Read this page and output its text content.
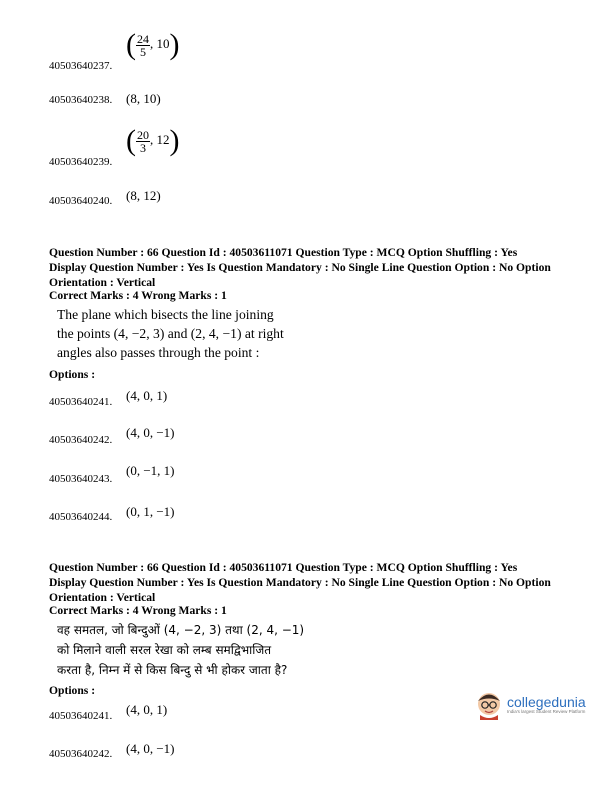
40503640237.
( $\frac{24}{5}$ , 10)
40503640238. (8, 10)
40503640239.
( $\frac{20}{3}$ , 12)
40503640240. (8, 12)
Question Number : 66 Question Id : 40503611071 Question Type : MCQ Option Shuffling : Yes
Display Question Number : Yes Is Question Mandatory : No Single Line Question Option : No Option
Orientation : Vertical
Correct Marks : 4 Wrong Marks : 1
The plane which bisects the line joining
the points (4, −2, 3) and (2, 4, −1) at right
angles also passes through the point :
Options :
40503640241. (4, 0, 1)
40503640242. (4, 0, −1)
40503640243.
(0, −1, 1)
40503640244. (0, 1, −1)
Question Number : 66 Question Id : 40503611071 Question Type : MCQ Option Shuffling : Yes
Display Question Number : Yes Is Question Mandatory : No Single Line Question Option : No Option
Orientation : Vertical
Correct Marks : 4 Wrong Marks : 1
वह समतल, जो बिन्दुओं (4, −2, 3) तथा (2, 4, −1)
को मिलाने वाली सरल रेखा को लम्ब समद्विभाजित
करता है, निम्न में से किस बिन्दु से भी होकर जाता है?
Options :
40503640241. (4, 0, 1)
40503640242. (4, 0, −1)
collegedunia
India's largest Student Review Platform
